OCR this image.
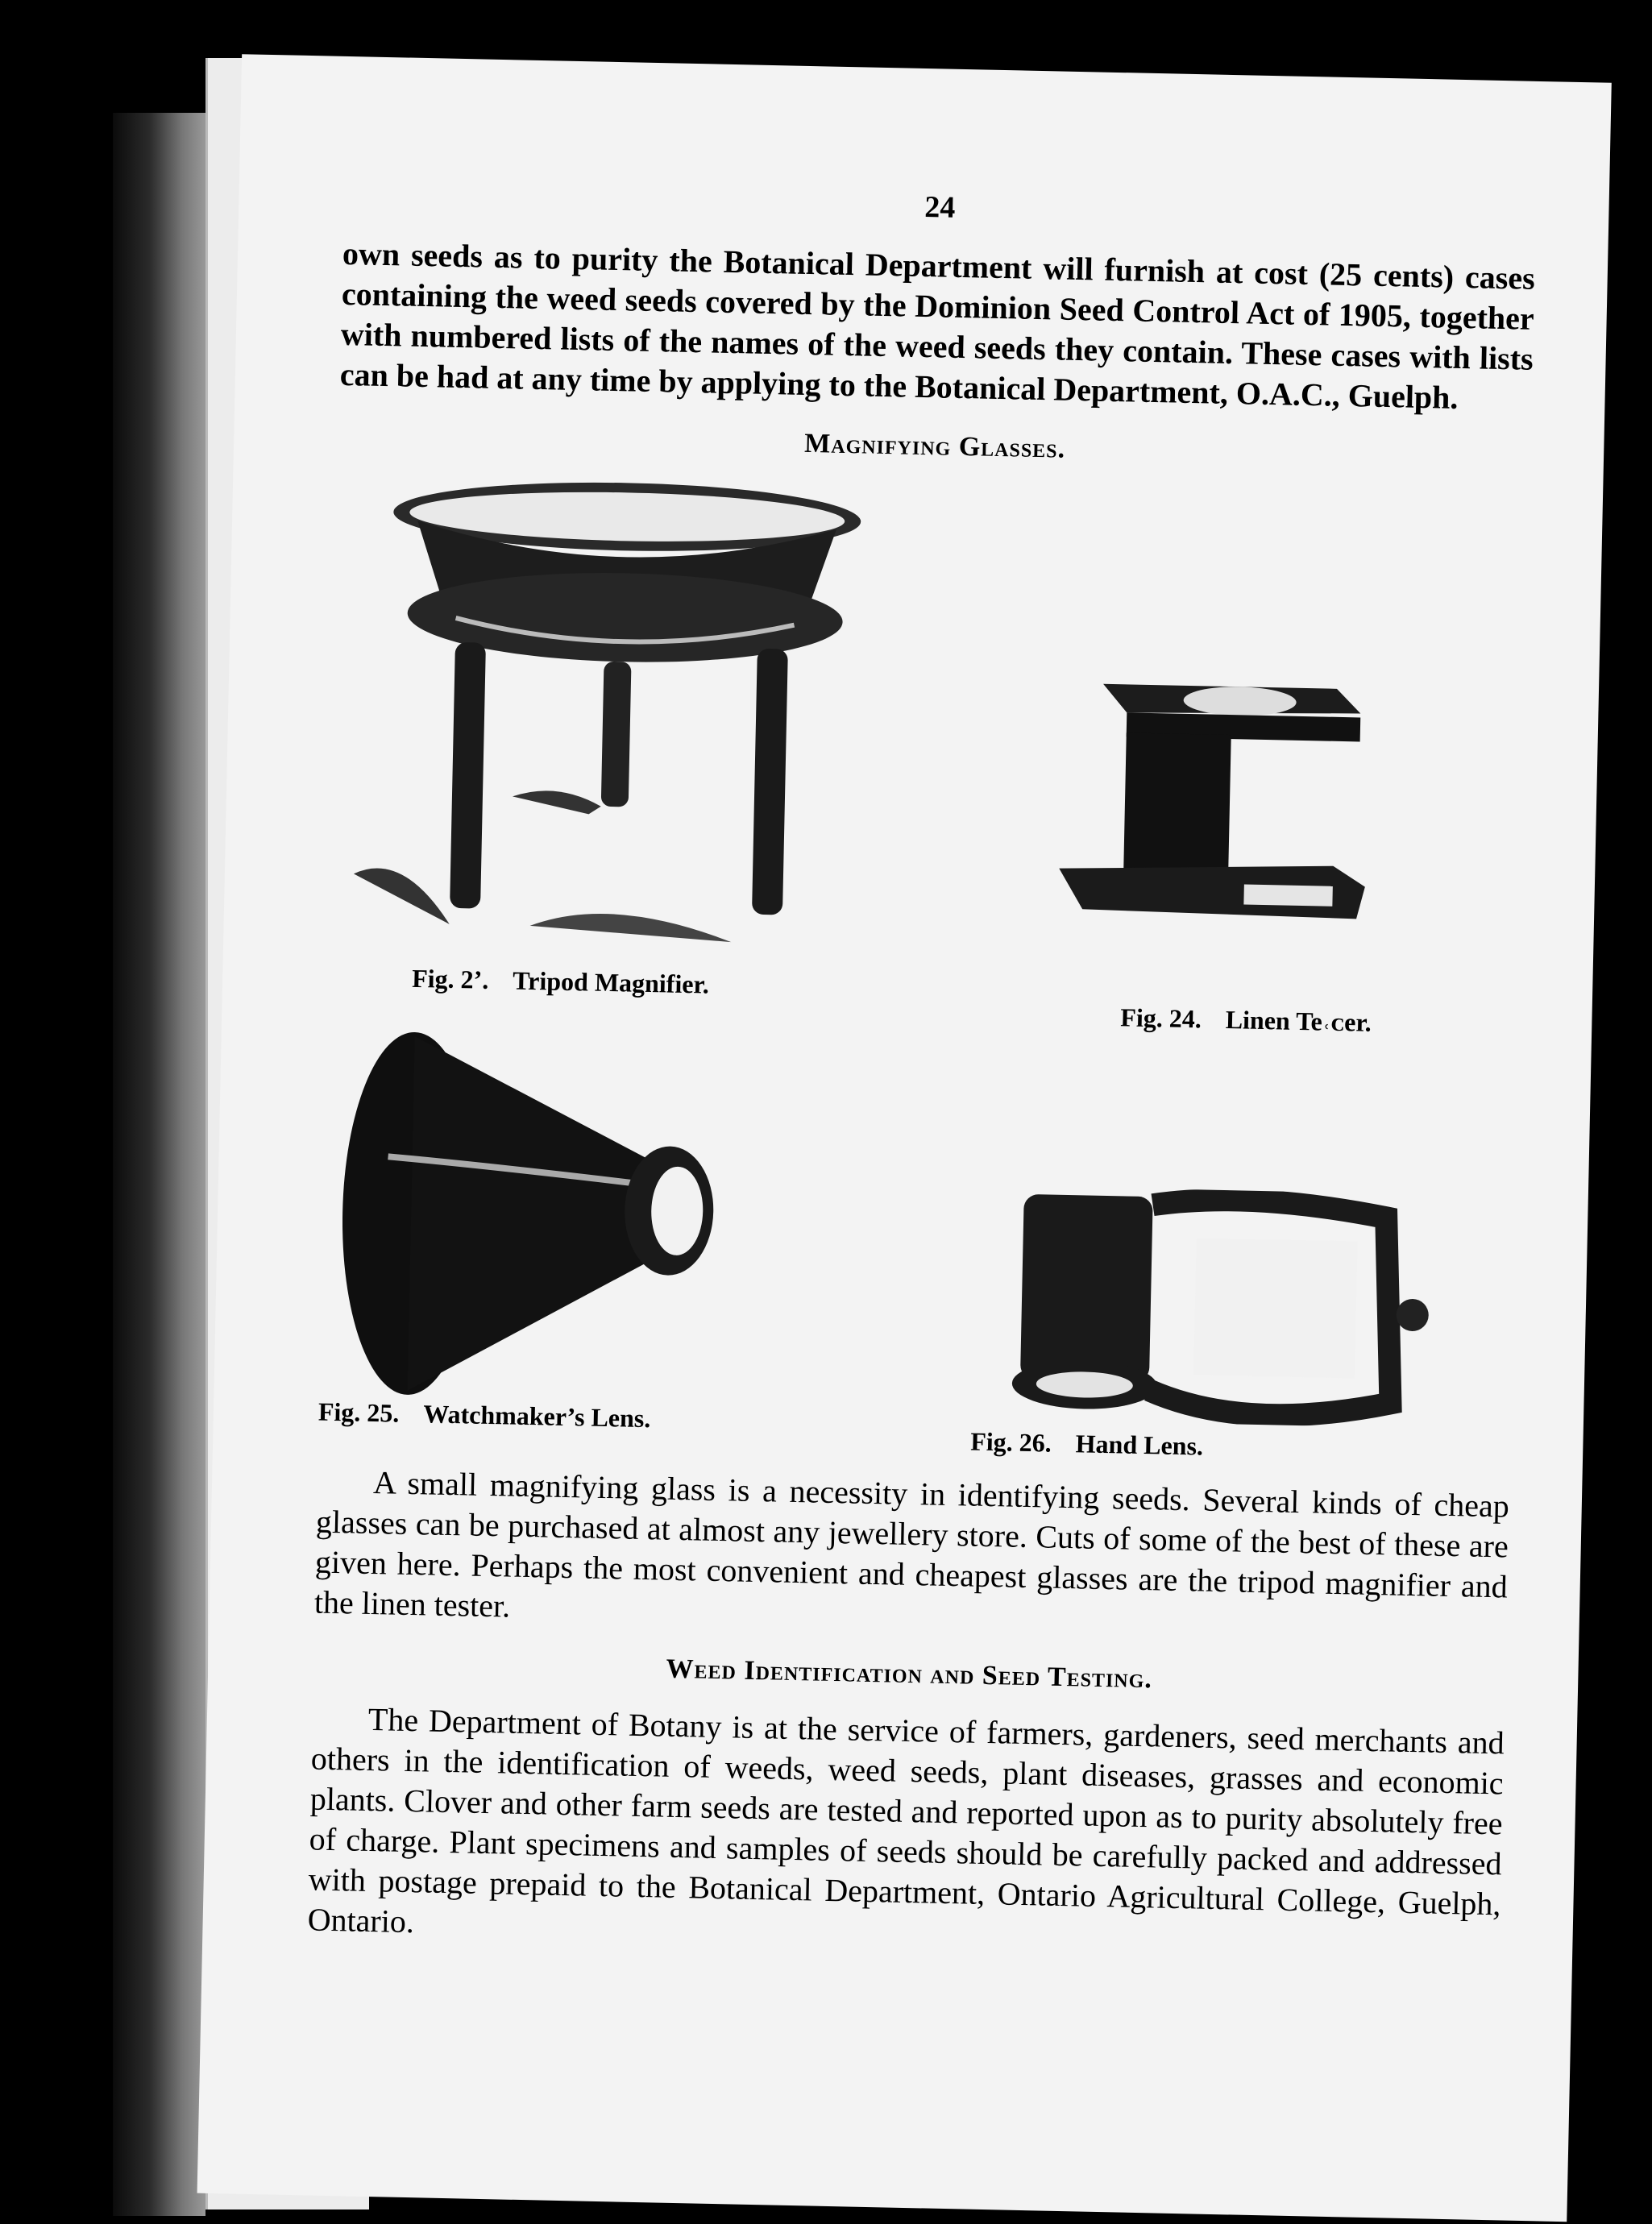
24

own seeds as to purity the Botanical Department will furnish at cost (25 cents) cases containing the weed seeds covered by the Dominion Seed Control Act of 1905, together with numbered lists of the names of the weed seeds they contain. These cases with lists can be had at any time by applying to the Botanical Department, O.A.C., Guelph.

Magnifying Glasses.
Fig. 2’. Tripod Magnifier.
Fig. 24. Linen Te˓ᴄer.
Fig. 25. Watchmaker’s Lens.
Fig. 26. Hand Lens.

A small magnifying glass is a necessity in identifying seeds. Several kinds of cheap glasses can be purchased at almost any jewellery store. Cuts of some of the best of these are given here. Perhaps the most convenient and cheapest glasses are the tripod magnifier and the linen tester.

Weed Identification and Seed Testing.

The Department of Botany is at the service of farmers, gardeners, seed merchants and others in the identification of weeds, weed seeds, plant diseases, grasses and economic plants. Clover and other farm seeds are tested and reported upon as to purity absolutely free of charge. Plant specimens and samples of seeds should be carefully packed and addressed with postage prepaid to the Botanical Department, Ontario Agricultural College, Guelph, Ontario.
